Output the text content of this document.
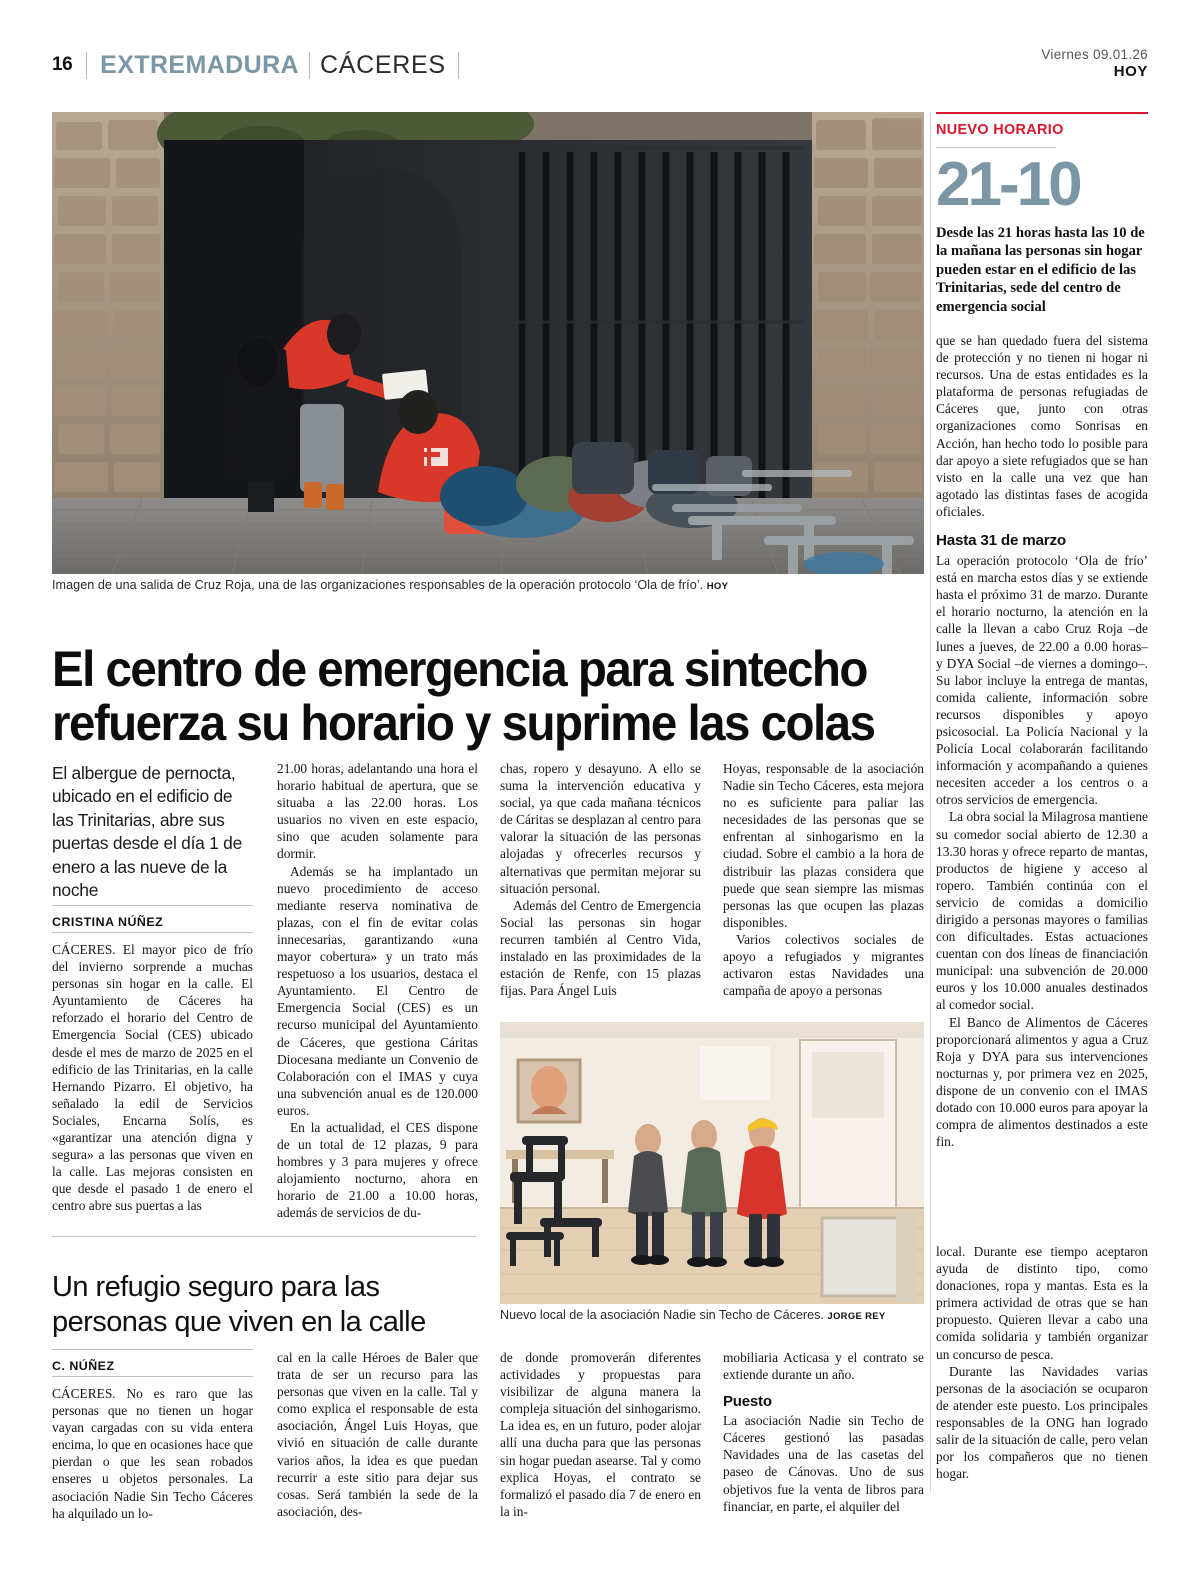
16 EXTREMADURA CÁCERES	Viernes 09.01.26
HOY
Imagen de una salida de Cruz Roja, una de las organizaciones responsables de la operación protocolo ‘Ola de frío’. HOY
El centro de emergencia para sintecho
refuerza su horario y suprime las colas
El albergue de pernocta, ubicado en el edificio de las Trinitarias, abre sus puertas desde el día 1 de enero a las nueve de la noche
CRISTINA NÚÑEZ

CÁCERES. El mayor pico de frío del invierno sorprende a muchas personas sin hogar en la calle. El Ayuntamiento de Cáceres ha reforzado el horario del Centro de Emergencia Social (CES) ubicado desde el mes de marzo de 2025 en el edificio de las Trinitarias, en la calle Hernando Pizarro. El objetivo, ha señalado la edil de Servicios Sociales, Encarna Solís, es «garantizar una atención digna y segura» a las personas que viven en la calle. Las mejoras consisten en que desde el pasado 1 de enero el centro abre sus puertas a las

21.00 horas, adelantando una hora el horario habitual de apertura, que se situaba a las 22.00 horas. Los usuarios no viven en este espacio, sino que acuden solamente para dormir.

Además se ha implantado un nuevo procedimiento de acceso mediante reserva nominativa de plazas, con el fin de evitar colas innecesarias, garantizando «una mayor cobertura» y un trato más respetuoso a los usuarios, destaca el Ayuntamiento. El Centro de Emergencia Social (CES) es un recurso municipal del Ayuntamiento de Cáceres, que gestiona Cáritas Diocesana mediante un Convenio de Colaboración con el IMAS y cuya una subvención anual es de 120.000 euros.

En la actualidad, el CES dispone de un total de 12 plazas, 9 para hombres y 3 para mujeres y ofrece alojamiento nocturno, ahora en horario de 21.00 a 10.00 horas, además de servicios de du-

chas, ropero y desayuno. A ello se suma la intervención educativa y social, ya que cada mañana técnicos de Cáritas se desplazan al centro para valorar la situación de las personas alojadas y ofrecerles recursos y alternativas que permitan mejorar su situación personal.

Además del Centro de Emergencia Social las personas sin hogar recurren también al Centro Vida, instalado en las proximidades de la estación de Renfe, con 15 plazas fijas. Para Ángel Luis

Hoyas, responsable de la asociación Nadie sin Techo Cáceres, esta mejora no es suficiente para paliar las necesidades de las personas que se enfrentan al sinhogarismo en la ciudad. Sobre el cambio a la hora de distribuir las plazas considera que puede que sean siempre las mismas personas las que ocupen las plazas disponibles.

Varios colectivos sociales de apoyo a refugiados y migrantes activaron estas Navidades una campaña de apoyo a personas

Nuevo local de la asociación Nadie sin Techo de Cáceres. JORGE REY
Un refugio seguro para las
personas que viven en la calle
C. NÚÑEZ

CÁCERES. No es raro que las personas que no tienen un hogar vayan cargadas con su vida entera encima, lo que en ocasiones hace que pierdan o que les sean robados enseres u objetos personales. La asociación Nadie Sin Techo Cáceres ha alquilado un lo-

cal en la calle Héroes de Baler que trata de ser un recurso para las personas que viven en la calle. Tal y como explica el responsable de esta asociación, Ángel Luis Hoyas, que vivió en situación de calle durante varios años, la idea es que puedan recurrir a este sitio para dejar sus cosas. Será también la sede de la asociación, des-

de donde promoverán diferentes actividades y propuestas para visibilizar de alguna manera la compleja situación del sinhogarismo. La idea es, en un futuro, poder alojar allí una ducha para que las personas sin hogar puedan asearse. Tal y como explica Hoyas, el contrato se formalizó el pasado día 7 de enero en la in-

mobiliaria Acticasa y el contrato se extiende durante un año.

Puesto

La asociación Nadie sin Techo de Cáceres gestionó las pasadas Navidades una de las casetas del paseo de Cánovas. Uno de sus objetivos fue la venta de libros para financiar, en parte, el alquiler del

NUEVO HORARIO
21-10
Desde las 21 horas hasta las 10 de la mañana las personas sin hogar pueden estar en el edificio de las Trinitarias, sede del centro de emergencia social

que se han quedado fuera del sistema de protección y no tienen ni hogar ni recursos. Una de estas entidades es la plataforma de personas refugiadas de Cáceres que, junto con otras organizaciones como Sonrisas en Acción, han hecho todo lo posible para dar apoyo a siete refugiados que se han visto en la calle una vez que han agotado las distintas fases de acogida oficiales.

Hasta 31 de marzo

La operación protocolo ‘Ola de frío’ está en marcha estos días y se extiende hasta el próximo 31 de marzo. Durante el horario nocturno, la atención en la calle la llevan a cabo Cruz Roja –de lunes a jueves, de 22.00 a 0.00 horas– y DYA Social –de viernes a domingo–. Su labor incluye la entrega de mantas, comida caliente, información sobre recursos disponibles y apoyo psicosocial. La Policía Nacional y la Policía Local colaborarán facilitando información y acompañando a quienes necesiten acceder a los centros o a otros servicios de emergencia.

La obra social la Milagrosa mantiene su comedor social abierto de 12.30 a 13.30 horas y ofrece reparto de mantas, productos de higiene y acceso al ropero. También continúa con el servicio de comidas a domicilio dirigido a personas mayores o familias con dificultades. Estas actuaciones cuentan con dos líneas de financiación municipal: una subvención de 20.000 euros y los 10.000 anuales destinados al comedor social.

El Banco de Alimentos de Cáceres proporcionará alimentos y agua a Cruz Roja y DYA para sus intervenciones nocturnas y, por primera vez en 2025, dispone de un convenio con el IMAS dotado con 10.000 euros para apoyar la compra de alimentos destinados a este fin.

local. Durante ese tiempo aceptaron ayuda de distinto tipo, como donaciones, ropa y mantas. Esta es la primera actividad de otras que se han propuesto. Quieren llevar a cabo una comida solidaria y también organizar un concurso de pesca.

Durante las Navidades varias personas de la asociación se ocuparon de atender este puesto. Los principales responsables de la ONG han logrado salir de la situación de calle, pero velan por los compañeros que no tienen hogar.
